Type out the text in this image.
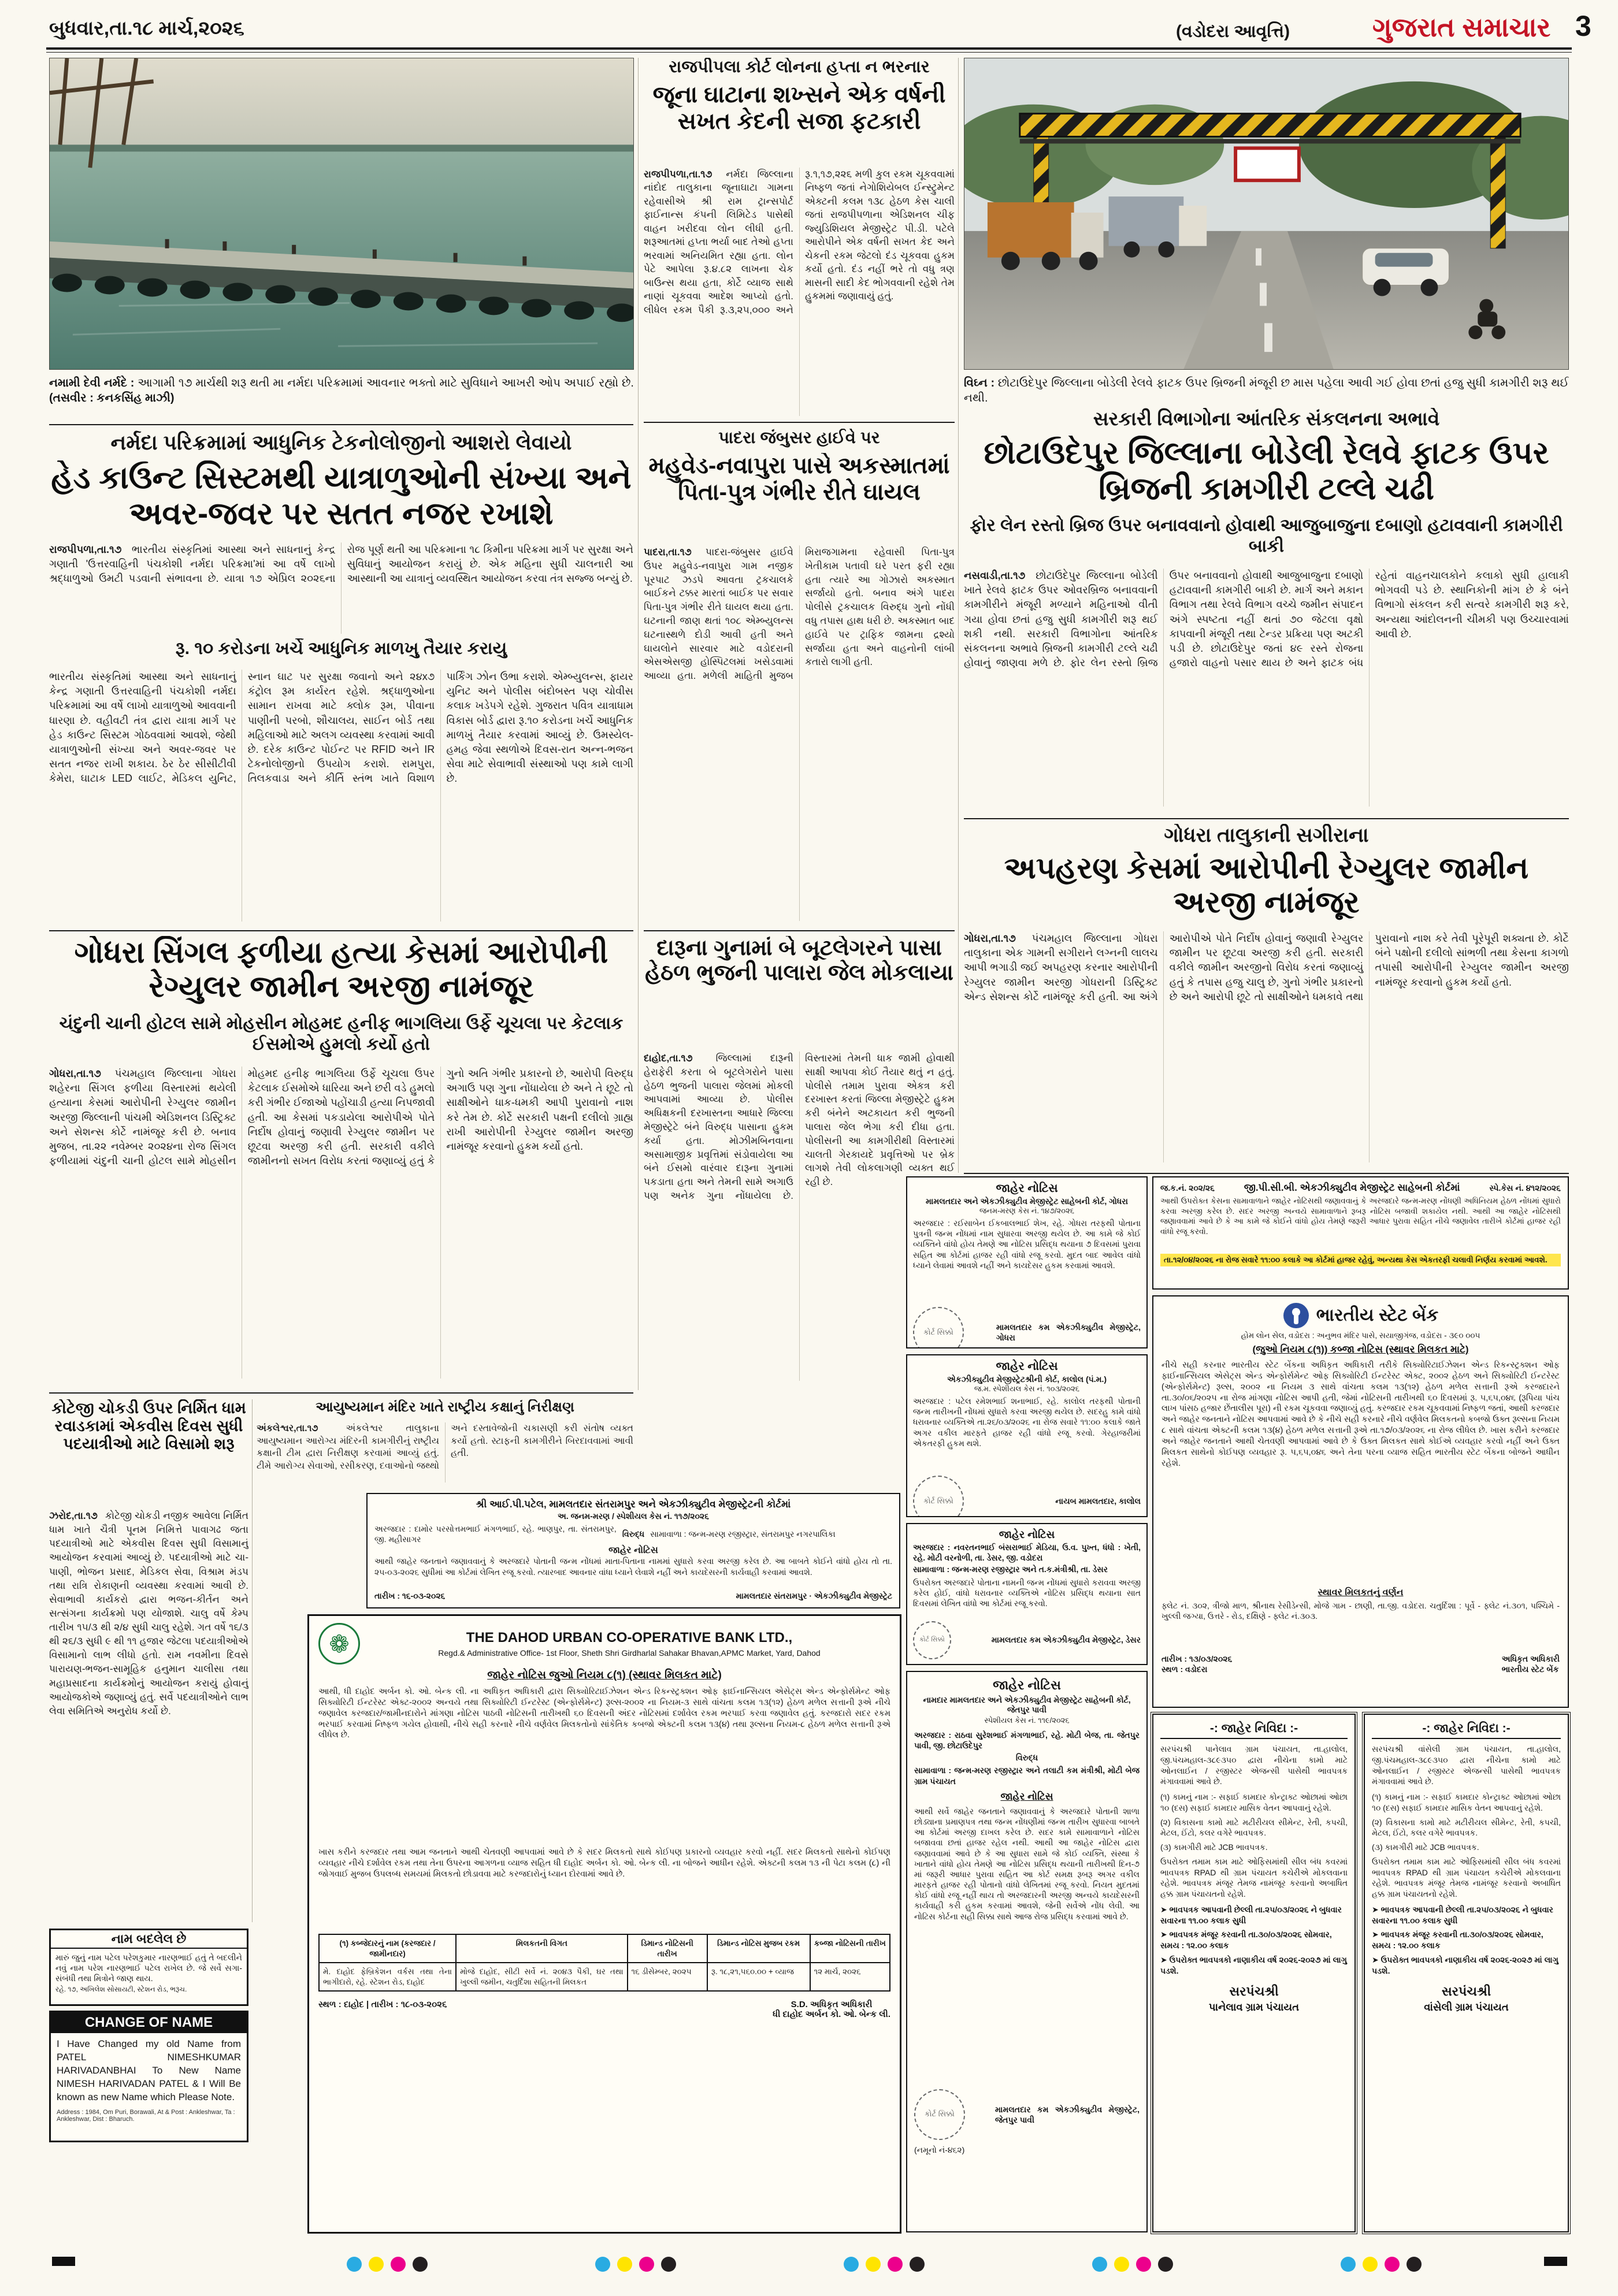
બુધવાર,તા.૧૮ માર્ચ,૨૦૨૬	(વડોદરા આવૃત્તિ)	ગુજરાત સમાચાર 3
નમામી દેવી નર્મદે : આગામી ૧૭ માર્ચથી શરૂ થતી મા નર્મદા પરિક્રમામાં આવનાર ભક્તો માટે સુવિધાને આખરી ઓપ અપાઈ રહ્યો છે. (તસવીર : કનકસિંહ માઝી)
રાજપીપલા કોર્ટ લોનના હપ્તા ન ભરનાર
જૂના ઘાટાના શખ્સને એક વર્ષની સખત કેદની સજા ફટકારી
રાજપીપળા,તા.૧૭ નર્મદા જિલ્લાના નાંદોદ તાલુકાના જૂનાઘાટા ગામના રહેવાસીએ શ્રી રામ ટ્રાન્સપોર્ટ ફાઈનાન્સ કંપની લિમિટેડ પાસેથી વાહન ખરીદવા લોન લીધી હતી. શરૂઆતમાં હપ્તા ભર્યા બાદ તેઓ હપ્તા ભરવામાં અનિયમિત રહ્યા હતા. લોન પેટે આપેલા રૂ.૪.૮૨ લાખના ચેક બાઉન્સ થયા હતા, કોર્ટે વ્યાજ સાથે નાણાં ચૂકવવા આદેશ આપ્યો હતો. લીધેલ રકમ પૈકી રૂ.૩,૨૫,૦૦૦ અને રૂ.૧,૧૭,૨૨૬ મળી કુલ રકમ ચૂકવવામાં નિષ્ફળ જતાં નેગોશિયેબલ ઈન્સ્ટ્રુમેન્ટ એક્ટની કલમ ૧૩૮ હેઠળ કેસ ચાલી જતાં રાજપીપળાના એડિશનલ ચીફ જ્યુડિશિયલ મેજીસ્ટ્રેટ પી.ડી. પટેલે આરોપીને એક વર્ષની સખત કેદ અને ચેકની રકમ જેટલો દંડ ચૂકવવા હુકમ કર્યો હતો. દંડ નહીં ભરે તો વધુ ત્રણ માસની સાદી કેદ ભોગવવાની રહેશે તેમ હુકમમાં જણાવાયું હતું.
વિઘ્ન : છોટાઉદેપુર જિલ્લાના બોડેલી રેલવે ફાટક ઉપર બ્રિજની મંજૂરી છ માસ પહેલા આવી ગઈ હોવા છતાં હજુ સુધી કામગીરી શરૂ થઈ નથી.
નર્મદા પરિક્રમામાં આધુનિક ટેકનોલોજીનો આશરો લેવાયો
હેડ કાઉન્ટ સિસ્ટમથી યાત્રાળુઓની સંખ્યા અને અવર-જવર પર સતત નજર રખાશે
રાજપીપળા,તા.૧૭ ભારતીય સંસ્કૃતિમાં આસ્થા અને સાધનાનું કેન્દ્ર ગણાતી 'ઉત્તરવાહિની પંચકોશી નર્મદા પરિક્રમા'માં આ વર્ષે લાખો શ્રદ્ધાળુઓ ઉમટી પડવાની સંભાવના છે. યાત્રા ૧૭ એપ્રિલ ૨૦૨૬ના રોજ પૂર્ણ થતી આ પરિક્રમાના ૧૮ કિમીના પરિક્રમા માર્ગ પર સુરક્ષા અને સુવિધાનું આયોજન કરાયું છે. એક મહિના સુધી ચાલનારી આ આસ્થાની આ યાત્રાનું વ્યવસ્થિત આયોજન કરવા તંત્ર સજ્જ બન્યું છે.
રૂ. ૧૦ કરોડના ખર્ચે આધુનિક માળખુ તૈયાર કરાયુ
ભારતીય સંસ્કૃતિમાં આસ્થા અને સાધનાનું કેન્દ્ર ગણાતી ઉત્તરવાહિની પંચકોશી નર્મદા પરિક્રમામાં આ વર્ષે લાખો યાત્રાળુઓ આવવાની ધારણા છે. વહીવટી તંત્ર દ્વારા યાત્રા માર્ગ પર હેડ કાઉન્ટ સિસ્ટમ ગોઠવવામાં આવશે, જેથી યાત્રાળુઓની સંખ્યા અને અવર-જવર પર સતત નજર રાખી શકાય. ઠેર ઠેર સીસીટીવી કેમેરા, ઘાટાક LED લાઈટ, મેડિકલ યુનિટ, સ્નાન ઘાટ પર સુરક્ષા જવાનો અને ૨૪x૭ કંટ્રોલ રૂમ કાર્યરત રહેશે. શ્રદ્ધાળુઓના સામાન રાખવા માટે ક્લોક રૂમ, પીવાના પાણીની પરબો, શૌચાલય, સાઈન બોર્ડ તથા મહિલાઓ માટે અલગ વ્યવસ્થા કરવામાં આવી છે. દરેક કાઉન્ટ પોઈન્ટ પર RFID અને IR ટેકનોલોજીનો ઉપયોગ કરાશે. રામપુરા, તિલકવાડા અને કીર્તિ સ્તંભ ખાતે વિશાળ પાર્કિંગ ઝોન ઉભા કરાશે. એમ્બ્યુલન્સ, ફાયર યુનિટ અને પોલીસ બંદોબસ્ત પણ ચોવીસ કલાક ખડેપગે રહેશે. ગુજરાત પવિત્ર યાત્રાધામ વિકાસ બોર્ડ દ્વારા રૂ.૧૦ કરોડના ખર્ચે આધુનિક માળખું તૈયાર કરવામાં આવ્યું છે. ઉમસ્યેલ-હમહ જેવા સ્થળોએ દિવસ-રાત અન્ન-ભજન સેવા માટે સેવાભાવી સંસ્થાઓ પણ કામે લાગી છે.
પાદરા જંબુસર હાઈવે પર
મહુવેડ-નવાપુરા પાસે અકસ્માતમાં પિતા-પુત્ર ગંભીર રીતે ઘાયલ
પાદરા,તા.૧૭ પાદરા-જંબુસર હાઈવે ઉપર મહુવેડ-નવાપુરા ગામ નજીક પૂરપાટ ઝડપે આવતા ટ્રકચાલકે બાઈકને ટક્કર મારતાં બાઈક પર સવાર પિતા-પુત્ર ગંભીર રીતે ઘાયલ થયા હતા. ઘટનાની જાણ થતાં ૧૦૮ એમ્બ્યુલન્સ ઘટનાસ્થળે દોડી આવી હતી અને ઘાયલોને સારવાર માટે વડોદરાની એસએસજી હોસ્પિટલમાં ખસેડવામાં આવ્યા હતા. મળેલી માહિતી મુજબ મિરાજગામના રહેવાસી પિતા-પુત્ર ખેતીકામ પતાવી ઘરે પરત ફરી રહ્યા હતા ત્યારે આ ગોઝારો અકસ્માત સર્જાયો હતો. બનાવ અંગે પાદરા પોલીસે ટ્રકચાલક વિરુદ્ધ ગુનો નોંધી વધુ તપાસ હાથ ધરી છે. અકસ્માત બાદ હાઈવે પર ટ્રાફિક જામના દ્રશ્યો સર્જાયા હતા અને વાહનોની લાંબી કતારો લાગી હતી.
સરકારી વિભાગોના આંતરિક સંકલનના અભાવે
છોટાઉદેપુર જિલ્લાના બોડેલી રેલવે ફાટક ઉપર બ્રિજની કામગીરી ટલ્લે ચઢી
ફોર લેન રસ્તો બ્રિજ ઉપર બનાવવાનો હોવાથી આજુબાજુના દબાણો હટાવવાની કામગીરી બાકી
નસવાડી,તા.૧૭ છોટાઉદેપુર જિલ્લાના બોડેલી ખાતે રેલવે ફાટક ઉપર ઓવરબ્રિજ બનાવવાની કામગીરીને મંજૂરી મળ્યાને મહિનાઓ વીતી ગયા હોવા છતાં હજુ સુધી કામગીરી શરૂ થઈ શકી નથી. સરકારી વિભાગોના આંતરિક સંકલનના અભાવે બ્રિજની કામગીરી ટલ્લે ચઢી હોવાનું જાણવા મળે છે. ફોર લેન રસ્તો બ્રિજ ઉપર બનાવવાનો હોવાથી આજુબાજુના દબાણો હટાવવાની કામગીરી બાકી છે. માર્ગ અને મકાન વિભાગ તથા રેલવે વિભાગ વચ્ચે જમીન સંપાદન અંગે સ્પષ્ટતા નહીં થતાં ૭૦ જેટલા વૃક્ષો કાપવાની મંજૂરી તથા ટેન્ડર પ્રક્રિયા પણ અટકી પડી છે. છોટાઉદેપુર જતાં ૪૯ રસ્તે રોજના હજારો વાહનો પસાર થાય છે અને ફાટક બંધ રહેતાં વાહનચાલકોને કલાકો સુધી હાલાકી ભોગવવી પડે છે. સ્થાનિકોની માંગ છે કે બંને વિભાગો સંકલન કરી સત્વરે કામગીરી શરૂ કરે, અન્યથા આંદોલનની ચીમકી પણ ઉચ્ચારવામાં આવી છે.
ગોધરા તાલુકાની સગીરાના
અપહરણ કેસમાં આરોપીની રેગ્યુલર જામીન અરજી નામંજૂર
ગોધરા,તા.૧૭ પંચમહાલ જિલ્લાના ગોધરા તાલુકાના એક ગામની સગીરાને લગ્નની લાલચ આપી ભગાડી જઈ અપહરણ કરનાર આરોપીની રેગ્યુલર જામીન અરજી ગોધરાની ડિસ્ટ્રિક્ટ એન્ડ સેશન્સ કોર્ટે નામંજૂર કરી હતી. આ અંગે આરોપીએ પોતે નિર્દોષ હોવાનું જણાવી રેગ્યુલર જામીન પર છૂટવા અરજી કરી હતી. સરકારી વકીલે જામીન અરજીનો વિરોધ કરતાં જણાવ્યું હતું કે તપાસ હજુ ચાલુ છે, ગુનો ગંભીર પ્રકારનો છે અને આરોપી છૂટે તો સાક્ષીઓને ધમકાવે તથા પુરાવાનો નાશ કરે તેવી પૂરેપૂરી શક્યતા છે. કોર્ટે બંને પક્ષોની દલીલો સાંભળી તથા કેસના કાગળો તપાસી આરોપીની રેગ્યુલર જામીન અરજી નામંજૂર કરવાનો હુકમ કર્યો હતો.
ગોધરા સિંગલ ફળીયા હત્યા કેસમાં આરોપીની રેગ્યુલર જામીન અરજી નામંજૂર
ચંદુની ચાની હોટલ સામે મોહસીન મોહમદ હનીફ ભાગલિયા ઉર્ફે ચૂચલા પર કેટલાક ઈસમોએ હુમલો કર્યો હતો
ગોધરા,તા.૧૭ પંચમહાલ જિલ્લાના ગોધરા શહેરના સિંગલ ફળીયા વિસ્તારમાં થયેલી હત્યાના કેસમાં આરોપીની રેગ્યુલર જામીન અરજી જિલ્લાની પાંચમી એડિશનલ ડિસ્ટ્રિક્ટ અને સેશન્સ કોર્ટે નામંજૂર કરી છે. બનાવ મુજબ, તા.૨૨ નવેમ્બર ૨૦૨૪ના રોજ સિંગલ ફળીયામાં ચંદુની ચાની હોટલ સામે મોહસીન મોહમદ હનીફ ભાગલિયા ઉર્ફે ચૂચલા ઉપર કેટલાક ઈસમોએ ધારિયા અને છરી વડે હુમલો કરી ગંભીર ઈજાઓ પહોંચાડી હત્યા નિપજાવી હતી. આ કેસમાં પકડાયેલા આરોપીએ પોતે નિર્દોષ હોવાનું જણાવી રેગ્યુલર જામીન પર છૂટવા અરજી કરી હતી. સરકારી વકીલે જામીનનો સખત વિરોધ કરતાં જણાવ્યું હતું કે ગુનો અતિ ગંભીર પ્રકારનો છે, આરોપી વિરુદ્ધ અગાઉ પણ ગુના નોંધાયેલા છે અને તે છૂટે તો સાક્ષીઓને ધાક-ધમકી આપી પુરાવાનો નાશ કરે તેમ છે. કોર્ટે સરકારી પક્ષની દલીલો ગ્રાહ્ય રાખી આરોપીની રેગ્યુલર જામીન અરજી નામંજૂર કરવાનો હુકમ કર્યો હતો.
દારૂના ગુનામાં બે બૂટલેગરને પાસા હેઠળ ભુજની પાલારા જેલ મોકલાયા
દાહોદ,તા.૧૭ જિલ્લામાં દારૂની હેરાફેરી કરતા બે બૂટલેગરોને પાસા હેઠળ ભુજની પાલારા જેલમાં મોકલી આપવામાં આવ્યા છે. પોલીસ અધિક્ષકની દરખાસ્તના આધારે જિલ્લા મેજીસ્ટ્રેટે બંને વિરુદ્ધ પાસાના હુકમ કર્યા હતા. મોઝીમબિનવાના અસામાજીક પ્રવૃત્તિમાં સંડોવાયેલા આ બંને ઈસમો વારંવાર દારૂના ગુનામાં પકડાતા હતા અને તેમની સામે અગાઉ પણ અનેક ગુના નોંધાયેલા છે. વિસ્તારમાં તેમની ધાક જામી હોવાથી સાક્ષી આપવા કોઈ તૈયાર થતું ન હતું. પોલીસે તમામ પુરાવા એકત્ર કરી દરખાસ્ત કરતાં જિલ્લા મેજીસ્ટ્રેટે હુકમ કરી બંનેને અટકાયત કરી ભુજની પાલારા જેલ ભેગા કરી દીધા હતા. પોલીસની આ કામગીરીથી વિસ્તારમાં ચાલતી ગેરકાયદે પ્રવૃત્તિઓ પર બ્રેક લાગશે તેવી લોકલાગણી વ્યક્ત થઈ રહી છે.
કોટેજી ચોકડી ઉપર નિર્મિત ધામ રવાડકામાં એકવીસ દિવસ સુધી પદયાત્રીઓ માટે વિસામો શરૂ
ઝરોદ,તા.૧૭ કોટેજી ચોકડી નજીક આવેલા નિર્મિત ધામ ખાતે ચૈત્રી પૂનમ નિમિત્તે પાવાગઢ જતા પદયાત્રીઓ માટે એકવીસ દિવસ સુધી વિસામાનું આયોજન કરવામાં આવ્યું છે. પદયાત્રીઓ માટે ચા-પાણી, ભોજન પ્રસાદ, મેડિકલ સેવા, વિશ્રામ મંડપ તથા રાત્રિ રોકાણની વ્યવસ્થા કરવામાં આવી છે. સેવાભાવી કાર્યકરો દ્વારા ભજન-કીર્તન અને સત્સંગના કાર્યક્રમો પણ યોજાશે. ચાલુ વર્ષે કેમ્પ તારીખ ૧૫/૩ થી ૨/૪ સુધી ચાલુ રહેશે. ગત વર્ષે ૧૬/૩ થી ૨૬/૩ સુધી ૯ થી ૧૧ હજાર જેટલા પદયાત્રીઓએ વિસામાનો લાભ લીધો હતો. રામ નવમીના દિવસે પારાયણ-ભજન-સામૂહિક હનુમાન ચાલીસા તથા મહાપ્રસાદના કાર્યક્રમોનું આયોજન કરાયું હોવાનું આયોજકોએ જણાવ્યું હતું. સર્વે પદયાત્રીઓને લાભ લેવા સમિતિએ અનુરોધ કર્યો છે.
આયુષ્યમાન મંદિર ખાતે રાષ્ટ્રીય કક્ષાનું નિરીક્ષણ
અંકલેશ્વર,તા.૧૭	અંકલેશ્વર તાલુકાના આયુષ્યમાન આરોગ્ય મંદિરની કામગીરીનું રાષ્ટ્રીય કક્ષાની ટીમ દ્વારા નિરીક્ષણ કરવામાં આવ્યું હતું. ટીમે આરોગ્ય સેવાઓ, રસીકરણ, દવાઓનો જથ્થો અને દસ્તાવેજોની ચકાસણી કરી સંતોષ વ્યક્ત કર્યો હતો. સ્ટાફની કામગીરીને બિરદાવવામાં આવી હતી.
શ્રી આઈ.પી.પટેલ, મામલતદાર સંતરામપુર અને એકઝીક્યુટીવ મેજીસ્ટ્રેટની કોર્ટમાં
અ. જનમ-મરણ / સ્પેશીયલ કેસ નં. ૧૧૭/૨૦૨૬
અરજદાર : દામોર પરસોત્તમભાઈ મંગળભાઈ, રહે. ભાણપુર, તા. સંતરામપુર, જી. મહીસાગર
વિરુદ્ધ સામાવાળા : જન્મ-મરણ રજીસ્ટ્રાર, સંતરામપુર નગરપાલિકા
જાહેર નોટિસ
આથી જાહેર જનતાને જણાવવાનું કે અરજદારે પોતાની જન્મ નોંધમાં માતા-પિતાના નામમાં સુધારો કરવા અરજી કરેલ છે. આ બાબતે કોઈને વાંધો હોય તો તા. ૨૫-૦૩-૨૦૨૬ સુધીમાં આ કોર્ટમાં લેખિત રજૂ કરવો. ત્યારબાદ આવનાર વાંધા ધ્યાને લેવાશે નહીં અને કાયદેસરની કાર્યવાહી કરવામાં આવશે.
તારીખ : ૧૬-૦૩-૨૦૨૬	મામલતદાર સંતરામપુર · એકઝીક્યુટીવ મેજીસ્ટ્રેટ
❁	THE DAHOD URBAN CO-OPERATIVE BANK LTD.,
Regd.& Administrative Office- 1st Floor, Sheth Shri Girdharlal Sahakar Bhavan,APMC Market, Yard, Dahod
જાહેર નોટિસ જુઓ નિયમ ૮(૧) (સ્થાવર મિલકત માટે)
આથી, ધી દાહોદ અર્બન કો. ઓ. બેન્ક લી. ના અધિકૃત અધિકારી દ્વારા સિક્યોરિટાઈઝેશન એન્ડ રિકન્સ્ટ્રક્શન ઓફ ફાઈનાન્સિયલ એસેટ્સ એન્ડ એન્ફોર્સમેન્ટ ઓફ સિક્યોરિટી ઈન્ટરેસ્ટ એક્ટ-૨૦૦૨ અન્વયે તથા સિક્યોરિટી ઈન્ટરેસ્ટ (એન્ફોર્સમેન્ટ) રૂલ્સ-૨૦૦૨ ના નિયમ-૩ સાથે વાંચતા કલમ ૧૩(૧૨) હેઠળ મળેલ સત્તાની રૂએ નીચે જણાવેલ કરજદાર/જામીનદારોને માંગણા નોટિસ પાઠવી નોટિસની તારીખથી ૬૦ દિવસની અંદર નોટિસમાં દર્શાવેલ રકમ ભરપાઈ કરવા જણાવેલ હતું. કરજદારો સદર રકમ ભરપાઈ કરવામાં નિષ્ફળ ગયેલ હોવાથી, નીચે સહી કરનારે નીચે વર્ણવેલ મિલકતોનો સાંકેતિક કબજો એક્ટની કલમ ૧૩(૪) તથા રૂલ્સના નિયમ-૮ હેઠળ મળેલ સત્તાની રૂએ લીધેલ છે.
ખાસ કરીને કરજદાર તથા આમ જનતાને આથી ચેતવણી આપવામાં આવે છે કે સદર મિલકતો સાથે કોઈપણ પ્રકારનો વ્યવહાર કરવો નહીં. સદર મિલકતો સાથેનો કોઈપણ વ્યવહાર નીચે દર્શાવેલ રકમ તથા તેના ઉપરના આગળના વ્યાજ સહિત ધી દાહોદ અર્બન કો. ઓ. બેન્ક લી. ના બોજને આધીન રહેશે. એક્ટની કલમ ૧૩ ની પેટા કલમ (૮) ની જોગવાઈ મુજબ ઉપલબ્ધ સમયમાં મિલકતો છોડાવવા માટે કરજદારોનું ધ્યાન દોરવામાં આવે છે.
(૧) કબ્જેદારનું નામ (કરજદાર / જામીનદાર)	મિલકતની વિગત	ડિમાન્ડ નોટિસની તારીખ	ડિમાન્ડ નોટિસ મુજબ રકમ	કબ્જા નોટિસની તારીખ
મે. દાહોદ ફેબ્રિકેશન વર્કસ તથા તેના ભાગીદારો, રહે. સ્ટેશન રોડ, દાહોદ	મોજે દાહોદ, સીટી સર્વે નં. ૨૦૪૩ પૈકી, ઘર તથા ખુલ્લી જમીન, ચતુર્દિશા સહિતની મિલકત	૧૬ ડીસેમ્બર, ૨૦૨૫	રૂ. ૧૮,૨૧,૫૬૦.૦૦ + વ્યાજ	૧૨ માર્ચ, ૨૦૨૬
સ્થળ : દાહોદ | તારીખ : ૧૮-૦૩-૨૦૨૬	S.D. અધિકૃત અધિકારી
ધી દાહોદ અર્બન કો. ઓ. બેન્ક લી.
નામ બદલેલ છે
મારું જુનું નામ પટેલ પરેશકુમાર નારણભાઈ હતું તે બદલીને નવું નામ પરેશ નારણભાઈ પટેલ રાખેલ છે. જે સર્વે સગા-સંબંધી તથા મિત્રોને જાણ થાય.
રહે. ૧૭, અખિલેશ સોસાયટી, સ્ટેશન રોડ, ભરૂચ.
CHANGE OF NAME
I Have Changed my old Name from PATEL NIMESHKUMAR HARIVADANBHAI To New Name NIMESH HARIVADAN PATEL & I Will Be known as new Name which Please Note.
Address : 1984, Om Puri, Borawali, At & Post : Ankleshwar, Ta : Ankleshwar, Dist : Bharuch.
જાહેર નોટિસ
મામલતદાર અને એકઝીક્યુટીવ મેજીસ્ટ્રેટ સાહેબની કોર્ટ, ગોધરા
જનમ-મરણ કેસ નં. ૧૪૭/૨૦૨૬
અરજદાર : રઈસાબેન ઈકબાલભાઈ શેખ, રહે. ગોધરા તરફથી પોતાના પુત્રની જન્મ નોંધમાં નામ સુધારવા અરજી થયેલ છે. આ કામે જે કોઈ વ્યક્તિને વાંધો હોય તેમણે આ નોટિસ પ્રસિદ્ધ થયાના ૭ દિવસમાં પુરાવા સહિત આ કોર્ટમાં હાજર રહી વાંધો રજૂ કરવો. મુદત બાદ આવેલ વાંધો ધ્યાને લેવામાં આવશે નહીં અને કાયદેસર હુકમ કરવામાં આવશે.
કોર્ટ સિક્કો
મામલતદાર કમ એકઝીક્યુટીવ મેજીસ્ટ્રેટ, ગોધરા
જાહેર નોટિસ
એકઝીક્યુટીવ મેજીસ્ટ્રેટશ્રીની કોર્ટ, કાલોલ (પં.મ.)
જ.મ. સ્પેશીયલ કેસ નં. ૧૦૩/૨૦૨૬
અરજદાર : પટેલ રમેશભાઈ શનાભાઈ, રહે. કાલોલ તરફથી પોતાની જન્મ તારીખની નોંધમાં સુધારો કરવા અરજી થયેલ છે. સદરહુ કામે વાંધો ધરાવનાર વ્યક્તિએ તા.૨૬/૦૩/૨૦૨૬ ના રોજ સવારે ૧૧:૦૦ કલાકે જાતે અગર વકીલ મારફતે હાજર રહી વાંધો રજૂ કરવો. ગેરહાજરીમાં એકતરફી હુકમ થશે.
કોર્ટ સિક્કો	નાયબ મામલતદાર, કાલોલ
જાહેર નોટિસ
અરજદાર : નવરતનભાઈ બંસરાભાઈ મેડિયા, ઉ.વ. પુખ્ત, ધંધો : ખેતી, રહે. મોટી વરનોળી, તા. ડેસર, જી. વડોદરા
સામાવાળા : જન્મ-મરણ રજીસ્ટ્રાર અને ત.ક.મંત્રીશ્રી, તા. ડેસર
ઉપરોક્ત અરજદારે પોતાના નામની જન્મ નોંધમાં સુધારો કરાવવા અરજી કરેલ હોઈ, વાંધો ધરાવનાર વ્યક્તિએ નોટિસ પ્રસિદ્ધ થયાના સાત દિવસમાં લેખિત વાંધો આ કોર્ટમાં રજૂ કરવો.
કોર્ટ સિક્કો	મામલતદાર કમ એકઝીક્યુટીવ મેજીસ્ટ્રેટ, ડેસર
જાહેર નોટિસ
નામદાર મામલતદાર અને એકઝીક્યુટીવ મેજીસ્ટ્રેટ સાહેબની કોર્ટ, જેતપુર પાવી
સ્પેશીયલ કેસ નં. ૧૧૯/૨૦૨૬
અરજદાર : રાઠવા સુરેશભાઈ મંગળાભાઈ, રહે. મોટી બેજ, તા. જેતપુર પાવી, જી. છોટાઉદેપુર
વિરુદ્ધ
સામાવાળા : જન્મ-મરણ રજીસ્ટ્રાર અને તલાટી કમ મંત્રીશ્રી, મોટી બેજ ગ્રામ પંચાયત
જાહેર નોટિસ
આથી સર્વે જાહેર જનતાને જણાવવાનું કે અરજદારે પોતાની શાળા છોડ્યાના પ્રમાણપત્ર તથા જન્મ નોંધણીમાં જન્મ તારીખ સુધારવા બાબતે આ કોર્ટમાં અરજી દાખલ કરેલ છે. સદર કામે સામાવાળાને નોટિસ બજાવવા છતાં હાજર રહેલ નથી. આથી આ જાહેર નોટિસ દ્વારા જણાવવામાં આવે છે કે આ સુધારા સામે જે કોઈ વ્યક્તિ, સંસ્થા કે ખાતાને વાંધો હોય તેમણે આ નોટિસ પ્રસિદ્ધ થયાની તારીખથી દિન-૭ માં જરૂરી આધાર પુરાવા સહિત આ કોર્ટ સમક્ષ રૂબરૂ અગર વકીલ મારફતે હાજર રહી પોતાનો વાંધો લેખિતમાં રજૂ કરવો. નિયત મુદતમાં કોઈ વાંધો રજૂ નહીં થાય તો અરજદારની અરજી અન્વયે કાયદેસરની કાર્યવાહી કરી હુકમ કરવામાં આવશે, જેની સર્વેએ નોંધ લેવી. આ નોટિસ કોર્ટના સહી સિક્કા સાથે આજ રોજ પ્રસિદ્ધ કરવામાં આવે છે.
કોર્ટ સિક્કો
મામલતદાર કમ એકઝીક્યુટીવ મેજીસ્ટ્રેટ, જેતપુર પાવી
(નમૂનો નં-૪૬૨)
જ.ક.નં. ૨૦૨/૨૬	જી.પી.સી.બી. એકઝીક્યુટીવ મેજીસ્ટ્રેટ સાહેબની કોર્ટમાં	સ્પે.કેસ નં. ૪૧૨/૨૦૨૬
આથી ઉપરોક્ત કેસના સામાવાળાને જાહેર નોટિસથી જણાવવાનું કે અરજદારે જન્મ-મરણ નોંધણી અધિનિયમ હેઠળ નોંધમાં સુધારો કરવા અરજી કરેલ છે. સદર અરજી અન્વયે સામાવાળાને રૂબરૂ નોટિસ બજાવી શકાયેલ નથી. આથી આ જાહેર નોટિસથી જણાવવામાં આવે છે કે આ કામે જે કોઈને વાંધો હોય તેમણે જરૂરી આધાર પુરાવા સહિત નીચે જણાવેલ તારીખે કોર્ટમાં હાજર રહી વાંધો રજૂ કરવો.
તા.૧૨/૦૪/૨૦૨૬ ના રોજ સવારે ૧૧:૦૦ કલાકે આ કોર્ટમાં હાજર રહેવું, અન્યથા કેસ એકતરફી ચલાવી નિર્ણય કરવામાં આવશે.
ભારતીય સ્ટેટ બેંક
હોમ લોન સેલ, વડોદરા : અનુભવ મંદિર પાસે, સયાજીગંજ, વડોદરા - ૩૯૦ ૦૦૫
(જુઓ નિયમ ૮(૧)) કબ્જા નોટિસ (સ્થાવર મિલકત માટે)
નીચે સહી કરનાર ભારતીય સ્ટેટ બેંકના અધિકૃત અધિકારી તરીકે સિક્યોરિટાઈઝેશન એન્ડ રિકન્સ્ટ્રક્શન ઓફ ફાઈનાન્સિયલ એસેટ્સ એન્ડ એન્ફોર્સમેન્ટ ઓફ સિક્યોરિટી ઈન્ટરેસ્ટ એક્ટ, ૨૦૦૨ હેઠળ અને સિક્યોરિટી ઈન્ટરેસ્ટ (એન્ફોર્સમેન્ટ) રૂલ્સ, ૨૦૦૨ ના નિયમ ૩ સાથે વાંચતા કલમ ૧૩(૧૨) હેઠળ મળેલ સત્તાની રૂએ કરજદારને તા.૩૦/૦૬/૨૦૨૫ ના રોજ માંગણા નોટિસ આપી હતી, જેમાં નોટિસની તારીખથી ૬૦ દિવસમાં રૂ. ૫,૬૫,૦૪૬ (રૂપિયા પાંચ લાખ પાંસઠ હજાર છેંતાલીસ પૂરા) ની રકમ ચૂકવવા જણાવ્યું હતું. કરજદાર રકમ ચૂકવવામાં નિષ્ફળ જતાં, આથી કરજદાર અને જાહેર જનતાને નોટિસ આપવામાં આવે છે કે નીચે સહી કરનારે નીચે વર્ણવેલ મિલકતનો કબજો ઉક્ત રૂલ્સના નિયમ ૮ સાથે વાંચતા એક્ટની કલમ ૧૩(૪) હેઠળ મળેલ સત્તાની રૂએ તા.૧૭/૦૩/૨૦૨૬ ના રોજ લીધેલ છે. ખાસ કરીને કરજદાર અને જાહેર જનતાને આથી ચેતવણી આપવામાં આવે છે કે ઉક્ત મિલકત સાથે કોઈએ વ્યવહાર કરવો નહીં અને ઉક્ત મિલકત સાથેનો કોઈપણ વ્યવહાર રૂ. ૫,૬૫,૦૪૬ અને તેના પરના વ્યાજ સહિત ભારતીય સ્ટેટ બેંકના બોજને આધીન રહેશે.
સ્થાવર મિલકતનું વર્ણન
ફ્લેટ નં. ૩૦૨, ત્રીજો માળ, શ્રીનાથ રેસીડેન્સી, મોજે ગામ - છાણી, તા.જી. વડોદરા. ચતુર્દિશા : પૂર્વે - ફ્લેટ નં.૩૦૧, પશ્ચિમે - ખુલ્લી જગ્યા, ઉત્તરે - રોડ, દક્ષિણે - ફ્લેટ નં.૩૦૩.
તારીખ : ૧૩/૦૩/૨૦૨૬
સ્થળ : વડોદરા
અધિકૃત અધિકારી
ભારતીય સ્ટેટ બેંક
-: જાહેર નિવિદા :-

સરપંચશ્રી પાનેલાવ ગ્રામ પંચાયત, તા.હાલોલ, જી.પંચમહાલ-૩૮૯૩૫૦ દ્વારા નીચેના કામો માટે ઓનલાઈન / રજીસ્ટર એજન્સી પાસેથી ભાવપત્રક મંગાવવામાં આવે છે.

(૧) કામનું નામ :- સફાઈ કામદાર કોન્ટ્રાક્ટ ઓછામાં ઓછા ૧૦ (દસ) સફાઈ કામદાર માસિક વેતન આપવાનું રહેશે.
(૨) વિકાસના કામો માટે મટીરીયલ સીમેન્ટ, રેતી, કપચી, મેટલ, ઈંટો, કલર વગેરે ભાવપત્રક.
(૩) કામગીરી માટે JCB ભાવપત્રક.

ઉપરોક્ત તમામ કામ માટે ઓફિસમાંથી સીલ બંધ કવરમાં ભાવપત્રક RPAD થી ગ્રામ પંચાયત કચેરીએ મોકલવાના રહેશે. ભાવપત્રક મંજૂર તેમજ નામંજૂર કરવાનો અબાધિત હક્ક ગ્રામ પંચાયતનો રહેશે.

➤ ભાવપત્રક આપવાની છેલ્લી તા.૨૫/૦૩/૨૦૨૬ ને બુધવાર સવારના ૧૧.૦૦ કલાક સુધી
➤ ભાવપત્રક મંજૂર કરવાની તા.૩૦/૦૩/૨૦૨૬ સોમવાર, સમય : ૧૨.૦૦ કલાક
➤ ઉપરોક્ત ભાવપત્રકો નાણાકીય વર્ષ ૨૦૨૬-૨૦૨૭ માં લાગુ પડશે.
સરપંચશ્રી
પાનેલાવ ગ્રામ પંચાયત
-: જાહેર નિવિદા :-

સરપંચશ્રી વાંસેલી ગ્રામ પંચાયત, તા.હાલોલ, જી.પંચમહાલ-૩૮૯૩૫૦ દ્વારા નીચેના કામો માટે ઓનલાઈન / રજીસ્ટર એજન્સી પાસેથી ભાવપત્રક મંગાવવામાં આવે છે.

(૧) કામનું નામ :- સફાઈ કામદાર કોન્ટ્રાક્ટ ઓછામાં ઓછા ૧૦ (દસ) સફાઈ કામદાર માસિક વેતન આપવાનું રહેશે.
(૨) વિકાસના કામો માટે મટીરીયલ સીમેન્ટ, રેતી, કપચી, મેટલ, ઈંટો, કલર વગેરે ભાવપત્રક.
(૩) કામગીરી માટે JCB ભાવપત્રક.

ઉપરોક્ત તમામ કામ માટે ઓફિસમાંથી સીલ બંધ કવરમાં ભાવપત્રક RPAD થી ગ્રામ પંચાયત કચેરીએ મોકલવાના રહેશે. ભાવપત્રક મંજૂર તેમજ નામંજૂર કરવાનો અબાધિત હક્ક ગ્રામ પંચાયતનો રહેશે.

➤ ભાવપત્રક આપવાની છેલ્લી તા.૨૫/૦૩/૨૦૨૬ ને બુધવાર સવારના ૧૧.૦૦ કલાક સુધી
➤ ભાવપત્રક મંજૂર કરવાની તા.૩૦/૦૩/૨૦૨૬ સોમવાર, સમય : ૧૨.૦૦ કલાક
➤ ઉપરોક્ત ભાવપત્રકો નાણાકીય વર્ષ ૨૦૨૬-૨૦૨૭ માં લાગુ પડશે.
સરપંચશ્રી
વાંસેલી ગ્રામ પંચાયત
